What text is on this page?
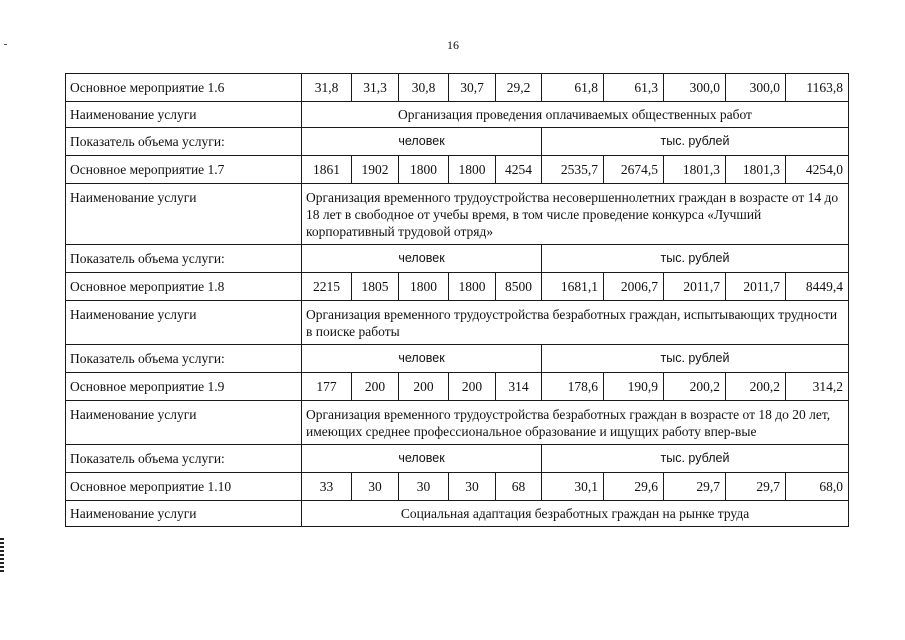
16
Основное мероприятие 1.6	31,8	31,3	30,8	30,7	29,2	61,8	61,3	300,0	300,0	1163,8
Наименование услуги	Организация проведения оплачиваемых общественных работ									
Показатель объема услуги:	человек					тыс. рублей				
Основное мероприятие 1.7	1861	1902	1800	1800	4254	2535,7	2674,5	1801,3	1801,3	4254,0
Наименование услуги	Организация временного трудоустройства несовершеннолетних граждан в возрасте от 14 до 18 лет в свободное от учебы время, в том числе проведение конкурса «Лучший корпоративный трудовой отряд»									
Показатель объема услуги:	человек					тыс. рублей				
Основное мероприятие 1.8	2215	1805	1800	1800	8500	1681,1	2006,7	2011,7	2011,7	8449,4
Наименование услуги	Организация временного трудоустройства безработных граждан, испытывающих трудности в поиске работы									
Показатель объема услуги:	человек					тыс. рублей				
Основное мероприятие 1.9	177	200	200	200	314	178,6	190,9	200,2	200,2	314,2
Наименование услуги	Организация временного трудоустройства безработных граждан в возрасте от 18 до 20 лет, имеющих среднее профессиональное образование и ищущих работу впер-вые									
Показатель объема услуги:	человек					тыс. рублей				
Основное мероприятие 1.10	33	30	30	30	68	30,1	29,6	29,7	29,7	68,0
Наименование услуги	Социальная адаптация безработных граждан на рынке труда									
